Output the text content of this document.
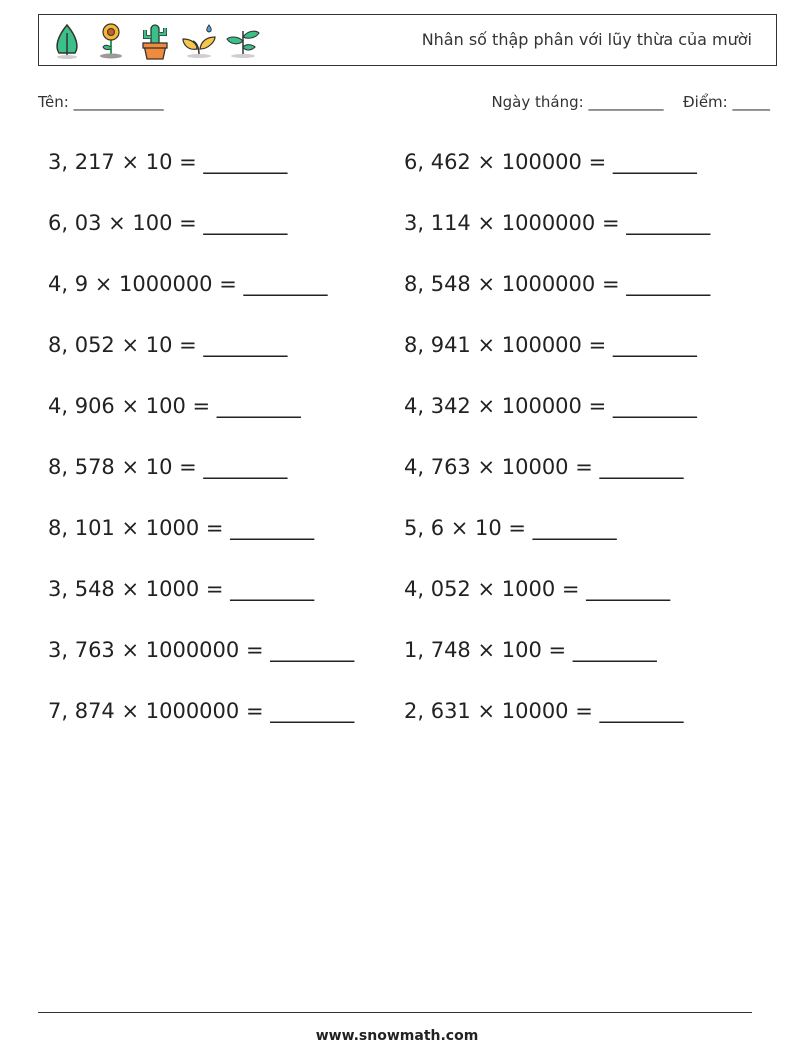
Nhân số thập phân với lũy thừa của mười
Tên: ____________	Ngày tháng: __________ Điểm: _____
3, 217 × 10 = ________
6, 03 × 100 = ________
4, 9 × 1000000 = ________
8, 052 × 10 = ________
4, 906 × 100 = ________
8, 578 × 10 = ________
8, 101 × 1000 = ________
3, 548 × 1000 = ________
3, 763 × 1000000 = ________
7, 874 × 1000000 = ________
6, 462 × 100000 = ________
3, 114 × 1000000 = ________
8, 548 × 1000000 = ________
8, 941 × 100000 = ________
4, 342 × 100000 = ________
4, 763 × 10000 = ________
5, 6 × 10 = ________
4, 052 × 1000 = ________
1, 748 × 100 = ________
2, 631 × 10000 = ________
www.snowmath.com
